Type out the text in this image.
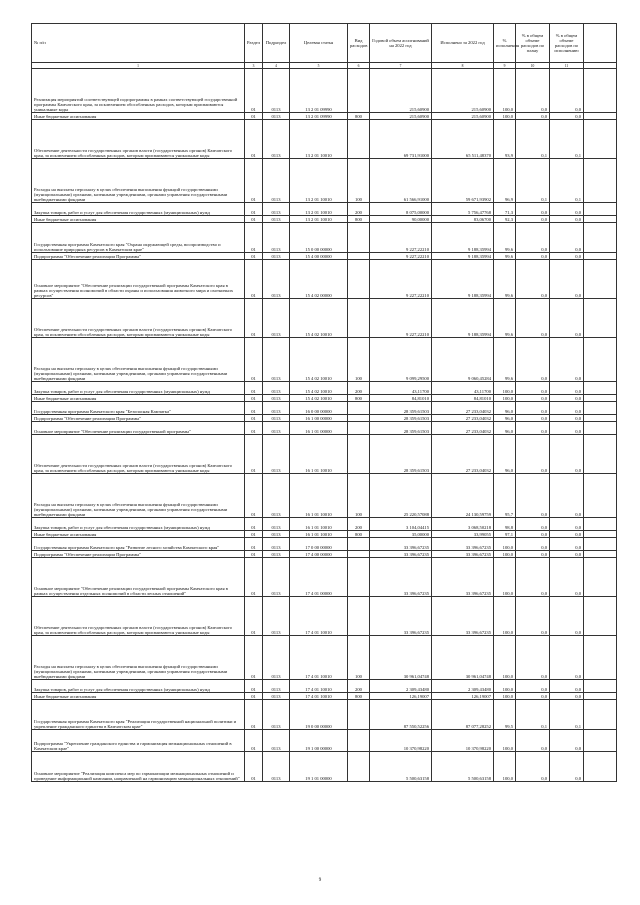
№ п/п	Раздел	Подраздел	Целевая статья	Вид расходов	Годовой объем ассигнований на 2022 год	Исполнено за 2022 год	% исполнения	% в общем объеме расходов по плану	% в общем объеме расходов по исполнению	
1	3	4	5	6	7	8	9	10	11	
Реализация мероприятий соответствующей подпрограммы в рамках соответствующей государственной программы Камчатского края, за исключением обособленных расходов, которым присваиваются уникальные коды	01	0113	13 2 01 09990		215,60900	215,60900	100,0	0,0	0,0	
Иные бюджетные ассигнования	01	0113	13 2 01 09990	800	215,60900	215,60900	100,0	0,0	0,0	
Обеспечение деятельности государственных органов власти (государственных органов) Камчатского края, за исключением обособленных расходов, которым присваиваются уникальные коды	01	0113	13 2 01 10010		69 731,91000	65 511,48370	93,9	0,1	0,1	
Расходы на выплаты персоналу в целях обеспечения выполнения функций государственными (муниципальными) органами, казенными учреждениями, органами управления государственными внебюджетными фондами	01	0113	13 2 01 10010	100	61 566,91000	59 671,93902	96,9	0,1	0,1	
Закупка товаров, работ и услуг для обеспечения государственных (муниципальных) нужд	01	0113	13 2 01 10010	200	8 075,00000	5 756,47768	71,3	0,0	0,0	
Иные бюджетные ассигнования	01	0113	13 2 01 10010	800	90,00000	83,06700	92,3	0,0	0,0	
Государственная программа Камчатского края "Охрана окружающей среды, воспроизводство и использование природных ресурсов в Камчатском крае"	01	0113	15 0 00 00000		9 227,22210	9 188,35994	99,6	0,0	0,0	
Подпрограмма "Обеспечение реализации Программы"	01	0113	15 4 00 00000		9 227,22210	9 188,35994	99,6	0,0	0,0	
Основное мероприятие "Обеспечение реализации государственной программы Камчатского края в рамках осуществления полномочий в области охраны и использования животного мира и охотничьих ресурсов"	01	0113	15 4 02 00000		9 227,22210	9 188,35994	99,6	0,0	0,0	
Обеспечение деятельности государственных органов власти (государственных органов) Камчатского края, за исключением обособленных расходов, которым присваиваются уникальные коды	01	0113	15 4 02 10010		9 227,22210	9 188,35994	99,6	0,0	0,0	
Расходы на выплаты персоналу в целях обеспечения выполнения функций государственными (муниципальными) органами, казенными учреждениями, органами управления государственными внебюджетными фондами	01	0113	15 4 02 10010	100	9 099,29500	9 060,45284	99,6	0,0	0,0	
Закупка товаров, работ и услуг для обеспечения государственных (муниципальных) нужд	01	0113	15 4 02 10010	200	43,11700	43,11700	100,0	0,0	0,0	
Иные бюджетные ассигнования	01	0113	15 4 02 10010	800	84,81010	84,81010	100,0	0,0	0,0	
Государственная программа Камчатского края "Безопасная Камчатка"	01	0113	16 0 00 00000		28 359,61503	27 233,04032	96,0	0,0	0,0	
Подпрограмма "Обеспечение реализации Программы"	01	0113	16 1 00 00000		28 359,61503	27 233,04032	96,0	0,0	0,0	
Основное мероприятие "Обеспечение реализации государственной программы"	01	0113	16 1 01 00000		28 359,61503	27 233,04032	96,0	0,0	0,0	
Обеспечение деятельности государственных органов власти (государственных органов) Камчатского края, за исключением обособленных расходов, которым присваиваются уникальные коды	01	0113	16 1 01 10010		28 359,61503	27 233,04032	96,0	0,0	0,0	
Расходы на выплаты персоналу в целях обеспечения выполнения функций государственными (муниципальными) органами, казенными учреждениями, органами управления государственными внебюджетными фондами	01	0113	16 1 01 10010	100	25 220,57088	24 130,59759	95,7	0,0	0,0	
Закупка товаров, работ и услуг для обеспечения государственных (муниципальных) нужд	01	0113	16 1 01 10010	200	3 104,04415	3 068,50218	98,8	0,0	0,0	
Иные бюджетные ассигнования	01	0113	16 1 01 10010	800	35,00000	33,99055	97,1	0,0	0,0	
Государственная программа Камчатского края "Развитие лесного хозяйства Камчатского края"	01	0113	17 0 00 00000		33 396,67235	33 396,67235	100,0	0,0	0,0	
Подпрограмма "Обеспечение реализации Программы"	01	0113	17 4 00 00000		33 396,67235	33 396,67235	100,0	0,0	0,0	
Основное мероприятие "Обеспечение реализации государственной программы Камчатского края в рамках осуществления отдельных полномочий в области лесных отношений"	01	0113	17 4 01 00000		33 396,67235	33 396,67235	100,0	0,0	0,0	
Обеспечение деятельности государственных органов власти (государственных органов) Камчатского края, за исключением обособленных расходов, которым присваиваются уникальные коды	01	0113	17 4 01 10010		33 396,67235	33 396,67235	100,0	0,0	0,0	
Расходы на выплаты персоналу в целях обеспечения выполнения функций государственными (муниципальными) органами, казенными учреждениями, органами управления государственными внебюджетными фондами	01	0113	17 4 01 10010	100	30 961,04748	30 961,04748	100,0	0,0	0,0	
Закупка товаров, работ и услуг для обеспечения государственных (муниципальных) нужд	01	0113	17 4 01 10010	200	2 309,43480	2 309,43480	100,0	0,0	0,0	
Иные бюджетные ассигнования	01	0113	17 4 01 10010	800	126,19007	126,19007	100,0	0,0	0,0	
Государственная программа Камчатского края "Реализация государственной национальной политики и укрепление гражданского единства в Камчатском крае"	01	0113	19 0 00 00000		87 550,52256	87 077,28252	99,5	0,1	0,1	
Подпрограмма "Укрепление гражданского единства и гармонизация межнациональных отношений в Камчатском крае"	01	0113	19 1 00 00000		10 370,98220	10 370,98220	100,0	0,0	0,0	
Основное мероприятие "Реализация комплекса мер по гармонизации межнациональных отношений и проведение информационной кампании, направленной на гармонизацию межнациональных отношений"	01	0113	19 1 01 00000		5 500,63158	5 500,63158	100,0	0,0	0,0	
9
